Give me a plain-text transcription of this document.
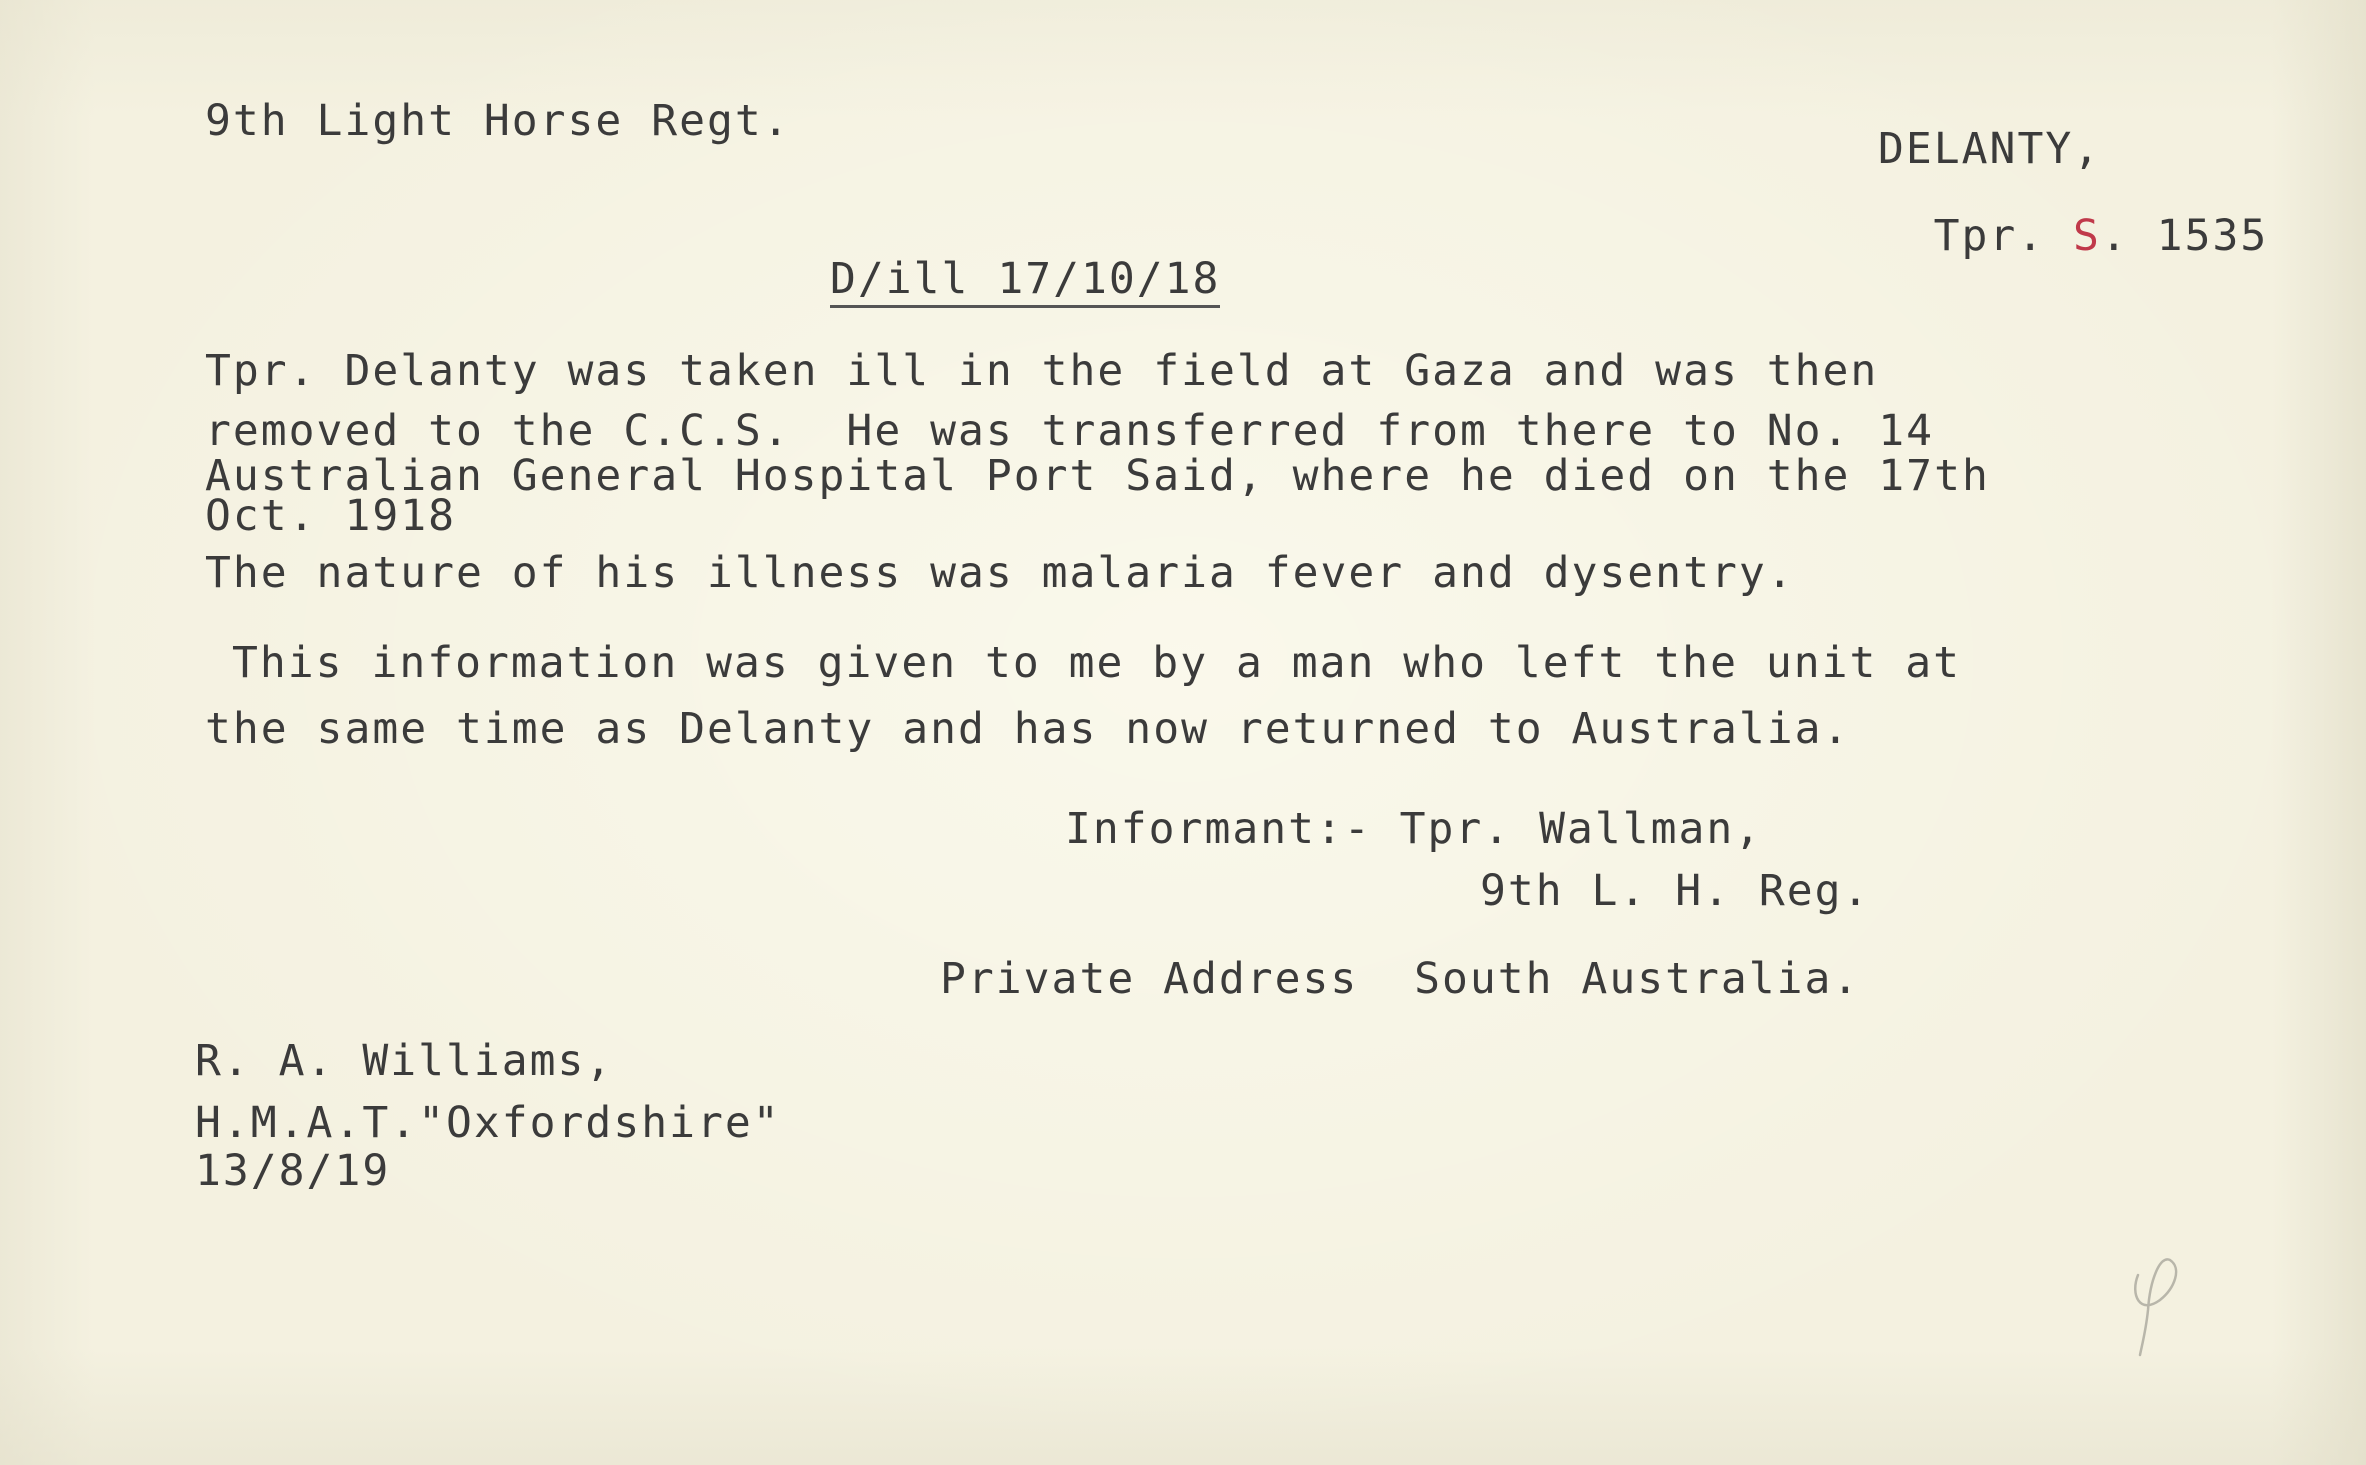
9th Light Horse Regt.
DELANTY,

Tpr. S. 1535

D/ill 17/10/18
Tpr. Delanty was taken ill in the field at Gaza and was then
removed to the C.C.S.  He was transferred from there to No. 14
Australian General Hospital Port Said, where he died on the 17th
Oct. 1918
The nature of his illness was malaria fever and dysentry.
This information was given to me by a man who left the unit at
the same time as Delanty and has now returned to Australia.
Informant:- Tpr. Wallman,
9th L. H. Reg.
Private Address  South Australia.
R. A. Williams,
H.M.A.T."Oxfordshire"
13/8/19
